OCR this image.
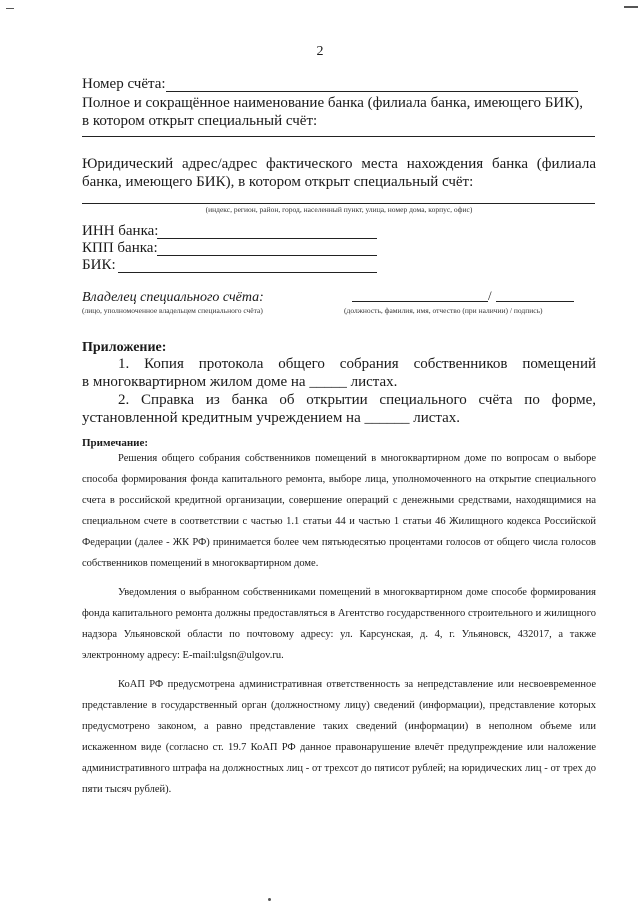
2
Номер счёта:
Полное и сокращённое наименование банка (филиала банка, имеющего БИК),
в котором открыт специальный счёт:
Юридический адрес/адрес фактического места нахождения банка (филиала
банка, имеющего БИК), в котором открыт специальный счёт:
(индекс, регион, район, город, населенный пункт, улица, номер дома, корпус, офис)
ИНН банка:
КПП банка:
БИК:
Владелец специального счёта:	/
(лицо, уполномоченное владельцем специального счёта)	(должность, фамилия, имя, отчество (при наличии) / подпись)
Приложение:
1. Копия протокола общего собрания собственников помещений
в многоквартирном жилом доме на _____ листах.
2. Справка из банка об открытии специального счёта по форме,
установленной кредитным учреждением на ______ листах.
Примечание:

Решения общего собрания собственников помещений в многоквартирном доме по вопросам о выборе способа формирования фонда капитального ремонта, выборе лица, уполномоченного на открытие специального счета в российской кредитной организации, совершение операций с денежными средствами, находящимися на специальном счете в соответствии с частью 1.1 статьи 44 и частью 1 статьи 46 Жилищного кодекса Российской Федерации (далее - ЖК РФ) принимается более чем пятьюдесятью процентами голосов от общего числа голосов собственников помещений в многоквартирном доме.

Уведомления о выбранном собственниками помещений в многоквартирном доме способе формирования фонда капитального ремонта должны предоставляться в Агентство государственного строительного и жилищного надзора Ульяновской области по почтовому адресу: ул. Карсунская, д. 4, г. Ульяновск, 432017, а также электронному адресу: E-mail:ulgsn@ulgov.ru.

КоАП РФ предусмотрена административная ответственность за непредставление или несвоевременное представление в государственный орган (должностному лицу) сведений (информации), представление которых предусмотрено законом, а равно представление таких сведений (информации) в неполном объеме или искаженном виде (согласно ст. 19.7 КоАП РФ данное правонарушение влечёт предупреждение или наложение административного штрафа на должностных лиц - от трехсот до пятисот рублей; на юридических лиц - от трех до пяти тысяч рублей).
